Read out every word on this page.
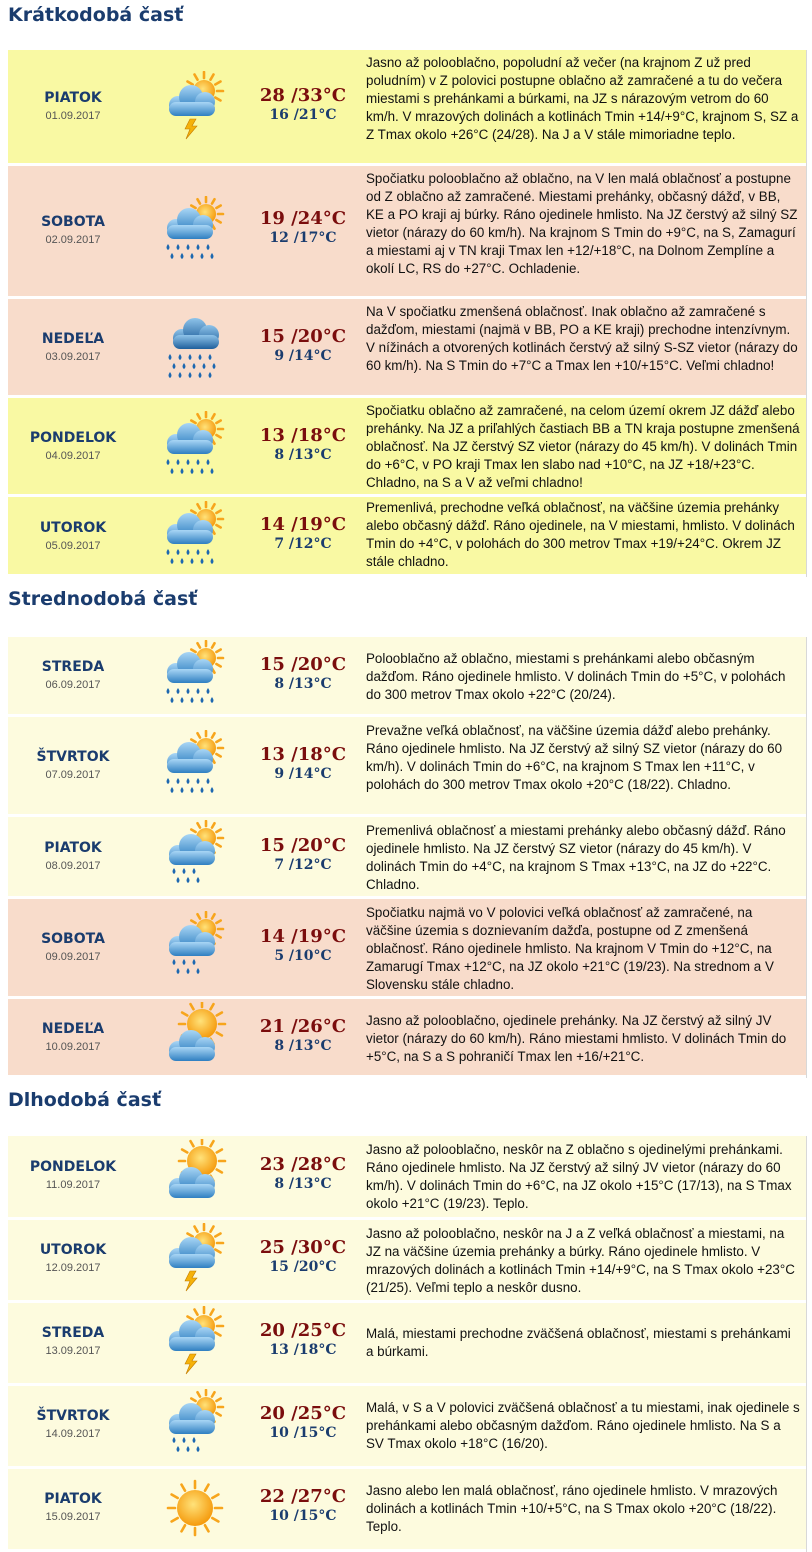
Krátkodobá časť
PIATOK
01.09.2017
28 /33°C
16 /21°C
Jasno až polooblačno, popoludní až večer (na krajnom Z už pred poludním) v Z polovici postupne oblačno až zamračené a tu do večera miestami s prehánkami a búrkami, na JZ s nárazovým vetrom do 60 km/h. V mrazových dolinách a kotlinách Tmin +14/+9°C, krajnom S, SZ a Z Tmax okolo +26°C (24/28). Na J a V stále mimoriadne teplo.
SOBOTA
02.09.2017
19 /24°C
12 /17°C
Spočiatku polooblačno až oblačno, na V len malá oblačnosť a postupne od Z oblačno až zamračené. Miestami prehánky, občasný dážď, v BB, KE a PO kraji aj búrky. Ráno ojedinele hmlisto. Na JZ čerstvý až silný SZ vietor (nárazy do 60 km/h). Na krajnom S Tmin do +9°C, na S, Zamagurí a miestami aj v TN kraji Tmax len +12/+18°C, na Dolnom Zemplíne a okolí LC, RS do +27°C. Ochladenie.
NEDEĽA
03.09.2017
15 /20°C
9 /14°C
Na V spočiatku zmenšená oblačnosť. Inak oblačno až zamračené s dažďom, miestami (najmä v BB, PO a KE kraji) prechodne intenzívnym. V nížinách a otvorených kotlinách čerstvý až silný S-SZ vietor (nárazy do 60 km/h). Na S Tmin do +7°C a Tmax len +10/+15°C. Veľmi chladno!
PONDELOK
04.09.2017
13 /18°C
8 /13°C
Spočiatku oblačno až zamračené, na celom území okrem JZ dážď alebo prehánky. Na JZ a priľahlých častiach BB a TN kraja postupne zmenšená oblačnosť. Na JZ čerstvý SZ vietor (nárazy do 45 km/h). V dolinách Tmin do +6°C, v PO kraji Tmax len slabo nad +10°C, na JZ +18/+23°C. Chladno, na S a V až veľmi chladno!
UTOROK
05.09.2017
14 /19°C
7 /12°C
Premenlivá, prechodne veľká oblačnosť, na väčšine územia prehánky alebo občasný dážď. Ráno ojedinele, na V miestami, hmlisto. V dolinách Tmin do +4°C, v polohách do 300 metrov Tmax +19/+24°C. Okrem JZ stále chladno.
Strednodobá časť
STREDA
06.09.2017
15 /20°C
8 /13°C
Polooblačno až oblačno, miestami s prehánkami alebo občasným dažďom. Ráno ojedinele hmlisto. V dolinách Tmin do +5°C, v polohách do 300 metrov Tmax okolo +22°C (20/24).
ŠTVRTOK
07.09.2017
13 /18°C
9 /14°C
Prevažne veľká oblačnosť, na väčšine územia dážď alebo prehánky. Ráno ojedinele hmlisto. Na JZ čerstvý až silný SZ vietor (nárazy do 60 km/h). V dolinách Tmin do +6°C, na krajnom S Tmax len +11°C, v polohách do 300 metrov Tmax okolo +20°C (18/22). Chladno.
PIATOK
08.09.2017
15 /20°C
7 /12°C
Premenlivá oblačnosť a miestami prehánky alebo občasný dážď. Ráno ojedinele hmlisto. Na JZ čerstvý SZ vietor (nárazy do 45 km/h). V dolinách Tmin do +4°C, na krajnom S Tmax +13°C, na JZ do +22°C. Chladno.
SOBOTA
09.09.2017
14 /19°C
5 /10°C
Spočiatku najmä vo V polovici veľká oblačnosť až zamračené, na väčšine územia s doznievaním dažďa, postupne od Z zmenšená oblačnosť. Ráno ojedinele hmlisto. Na krajnom V Tmin do +12°C, na Zamarugí Tmax +12°C, na JZ okolo +21°C (19/23). Na strednom a V Slovensku stále chladno.
NEDEĽA
10.09.2017
21 /26°C
8 /13°C
Jasno až polooblačno, ojedinele prehánky. Na JZ čerstvý až silný JV vietor (nárazy do 60 km/h). Ráno miestami hmlisto. V dolinách Tmin do +5°C, na S a S pohraničí Tmax len +16/+21°C.
Dlhodobá časť
PONDELOK
11.09.2017
23 /28°C
8 /13°C
Jasno až polooblačno, neskôr na Z oblačno s ojedinelými prehánkami. Ráno ojedinele hmlisto. Na JZ čerstvý až silný JV vietor (nárazy do 60 km/h). V dolinách Tmin do +6°C, na JZ okolo +15°C (17/13), na S Tmax okolo +21°C (19/23). Teplo.
UTOROK
12.09.2017
25 /30°C
15 /20°C
Jasno až polooblačno, neskôr na J a Z veľká oblačnosť a miestami, na JZ na väčšine územia prehánky a búrky. Ráno ojedinele hmlisto. V mrazových dolinách a kotlinách Tmin +14/+9°C, na S Tmax okolo +23°C (21/25). Veľmi teplo a neskôr dusno.
STREDA
13.09.2017
20 /25°C
13 /18°C
Malá, miestami prechodne zväčšená oblačnosť, miestami s prehánkami a búrkami.
ŠTVRTOK
14.09.2017
20 /25°C
10 /15°C
Malá, v S a V polovici zväčšená oblačnosť a tu miestami, inak ojedinele s prehánkami alebo občasným dažďom. Ráno ojedinele hmlisto. Na S a SV Tmax okolo +18°C (16/20).
PIATOK
15.09.2017
22 /27°C
10 /15°C
Jasno alebo len malá oblačnosť, ráno ojedinele hmlisto. V mrazových dolinách a kotlinách Tmin +10/+5°C, na S Tmax okolo +20°C (18/22). Teplo.
